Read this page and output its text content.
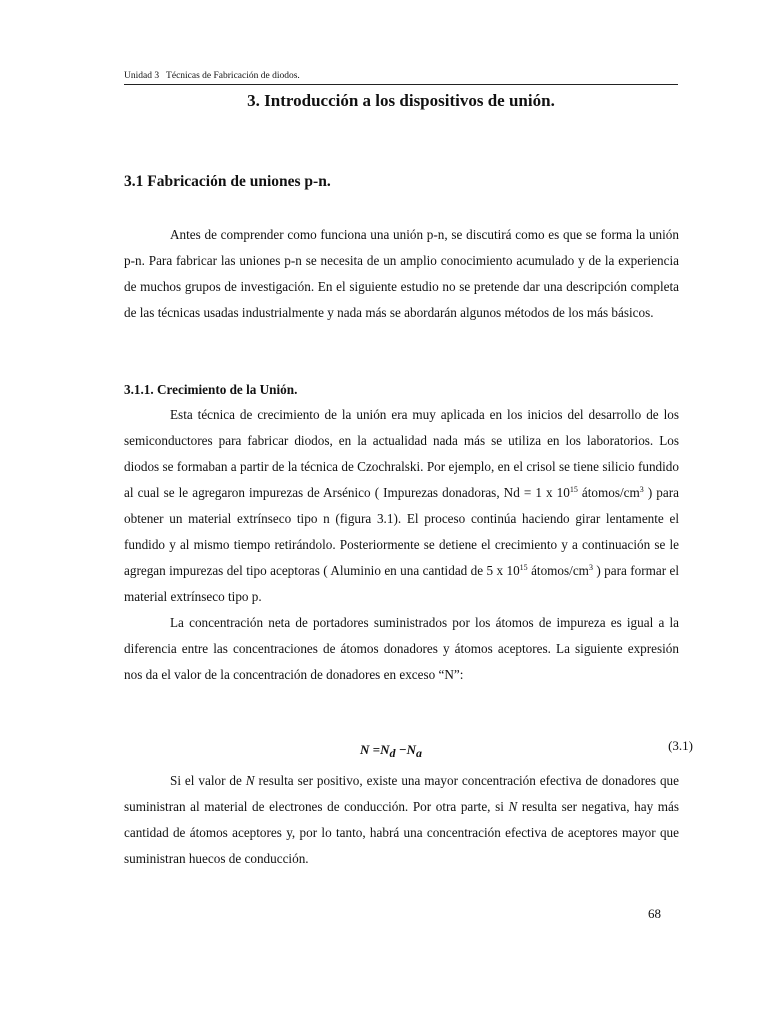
Unidad 3   Técnicas de Fabricación de diodos.
3. Introducción a los dispositivos de unión.
3.1 Fabricación de uniones p-n.

Antes de comprender como funciona una unión p-n, se discutirá como es que se forma la unión p-n. Para fabricar las uniones p-n se necesita de un amplio conocimiento acumulado y de la experiencia de muchos grupos de investigación. En el siguiente estudio no se pretende dar una descripción completa de las técnicas usadas industrialmente y nada más se abordarán algunos métodos de los más básicos.

3.1.1. Crecimiento de la Unión.

Esta técnica de crecimiento de la unión era muy aplicada en los inicios del desarrollo de los semiconductores para fabricar diodos, en la actualidad nada más se utiliza en los laboratorios. Los diodos se formaban a partir de la técnica de Czochralski. Por ejemplo, en el crisol se tiene silicio fundido al cual se le agregaron impurezas de Arsénico ( Impurezas donadoras, Nd = 1 x $10^{15}$ átomos/$cm^3$ ) para obtener un material extrínseco tipo n (figura 3.1). El proceso continúa haciendo girar lentamente el fundido y al mismo tiempo retirándolo. Posteriormente se detiene el crecimiento y a continuación se le agregan impurezas del tipo aceptoras ( Aluminio en una cantidad de 5 x $10^{15}$ átomos/$cm^3$ ) para formar el material extrínseco tipo p.

La concentración neta de portadores suministrados por los átomos de impureza es igual a la diferencia entre las concentraciones de átomos donadores y átomos aceptores. La siguiente expresión nos da el valor de la concentración de donadores en exceso “N”:

$N =N_d -N_a$	(3.1)

Si el valor de N resulta ser positivo, existe una mayor concentración efectiva de donadores que suministran al material de electrones de conducción. Por otra parte, si N resulta ser negativa, hay más cantidad de átomos aceptores y, por lo tanto, habrá una concentración efectiva de aceptores mayor que suministran huecos de conducción.

68
